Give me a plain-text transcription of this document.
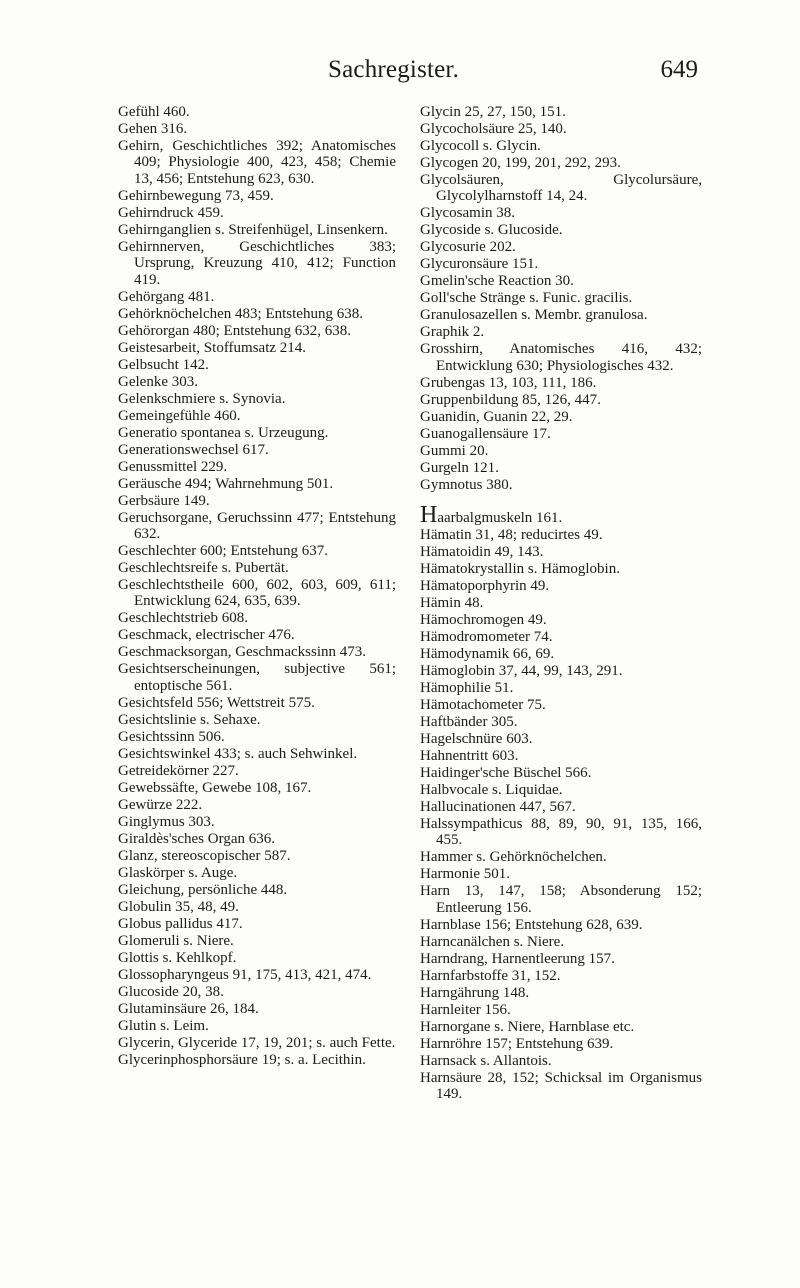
Sachregister.	649

Gefühl 460.

Gehen 316.

Gehirn, Geschichtliches 392; Anatomisches 409; Physiologie 400, 423, 458; Chemie 13, 456; Entstehung 623, 630.

Gehirnbewegung 73, 459.

Gehirndruck 459.

Gehirnganglien s. Streifenhügel, Linsenkern.

Gehirnnerven, Geschichtliches 383; Ursprung, Kreuzung 410, 412; Function 419.

Gehörgang 481.

Gehörknöchelchen 483; Entstehung 638.

Gehörorgan 480; Entstehung 632, 638.

Geistesarbeit, Stoffumsatz 214.

Gelbsucht 142.

Gelenke 303.

Gelenkschmiere s. Synovia.

Gemeingefühle 460.

Generatio spontanea s. Urzeugung.

Generationswechsel 617.

Genussmittel 229.

Geräusche 494; Wahrnehmung 501.

Gerbsäure 149.

Geruchsorgane, Geruchssinn 477; Entstehung 632.

Geschlechter 600; Entstehung 637.

Geschlechtsreife s. Pubertät.

Geschlechtstheile 600, 602, 603, 609, 611; Entwicklung 624, 635, 639.

Geschlechtstrieb 608.

Geschmack, electrischer 476.

Geschmacksorgan, Geschmackssinn 473.

Gesichtserscheinungen, subjective 561; entoptische 561.

Gesichtsfeld 556; Wettstreit 575.

Gesichtslinie s. Sehaxe.

Gesichtssinn 506.

Gesichtswinkel 433; s. auch Sehwinkel.

Getreidekörner 227.

Gewebssäfte, Gewebe 108, 167.

Gewürze 222.

Ginglymus 303.

Giraldès'sches Organ 636.

Glanz, stereoscopischer 587.

Glaskörper s. Auge.

Gleichung, persönliche 448.

Globulin 35, 48, 49.

Globus pallidus 417.

Glomeruli s. Niere.

Glottis s. Kehlkopf.

Glossopharyngeus 91, 175, 413, 421, 474.

Glucoside 20, 38.

Glutaminsäure 26, 184.

Glutin s. Leim.

Glycerin, Glyceride 17, 19, 201; s. auch Fette.

Glycerinphosphorsäure 19; s. a. Lecithin.

Glycin 25, 27, 150, 151.

Glycocholsäure 25, 140.

Glycocoll s. Glycin.

Glycogen 20, 199, 201, 292, 293.

Glycolsäuren, Glycolursäure, Glycolylharnstoff 14, 24.

Glycosamin 38.

Glycoside s. Glucoside.

Glycosurie 202.

Glycuronsäure 151.

Gmelin'sche Reaction 30.

Goll'sche Stränge s. Funic. gracilis.

Granulosazellen s. Membr. granulosa.

Graphik 2.

Grosshirn, Anatomisches 416, 432; Entwicklung 630; Physiologisches 432.

Grubengas 13, 103, 111, 186.

Gruppenbildung 85, 126, 447.

Guanidin, Guanin 22, 29.

Guanogallensäure 17.

Gummi 20.

Gurgeln 121.

Gymnotus 380.

Haarbalgmuskeln 161.

Hämatin 31, 48; reducirtes 49.

Hämatoidin 49, 143.

Hämatokrystallin s. Hämoglobin.

Hämatoporphyrin 49.

Hämin 48.

Hämochromogen 49.

Hämodromometer 74.

Hämodynamik 66, 69.

Hämoglobin 37, 44, 99, 143, 291.

Hämophilie 51.

Hämotachometer 75.

Haftbänder 305.

Hagelschnüre 603.

Hahnentritt 603.

Haidinger'sche Büschel 566.

Halbvocale s. Liquidae.

Hallucinationen 447, 567.

Halssympathicus 88, 89, 90, 91, 135, 166, 455.

Hammer s. Gehörknöchelchen.

Harmonie 501.

Harn 13, 147, 158; Absonderung 152; Entleerung 156.

Harnblase 156; Entstehung 628, 639.

Harncanälchen s. Niere.

Harndrang, Harnentleerung 157.

Harnfarbstoffe 31, 152.

Harngährung 148.

Harnleiter 156.

Harnorgane s. Niere, Harnblase etc.

Harnröhre 157; Entstehung 639.

Harnsack s. Allantois.

Harnsäure 28, 152; Schicksal im Organismus 149.
